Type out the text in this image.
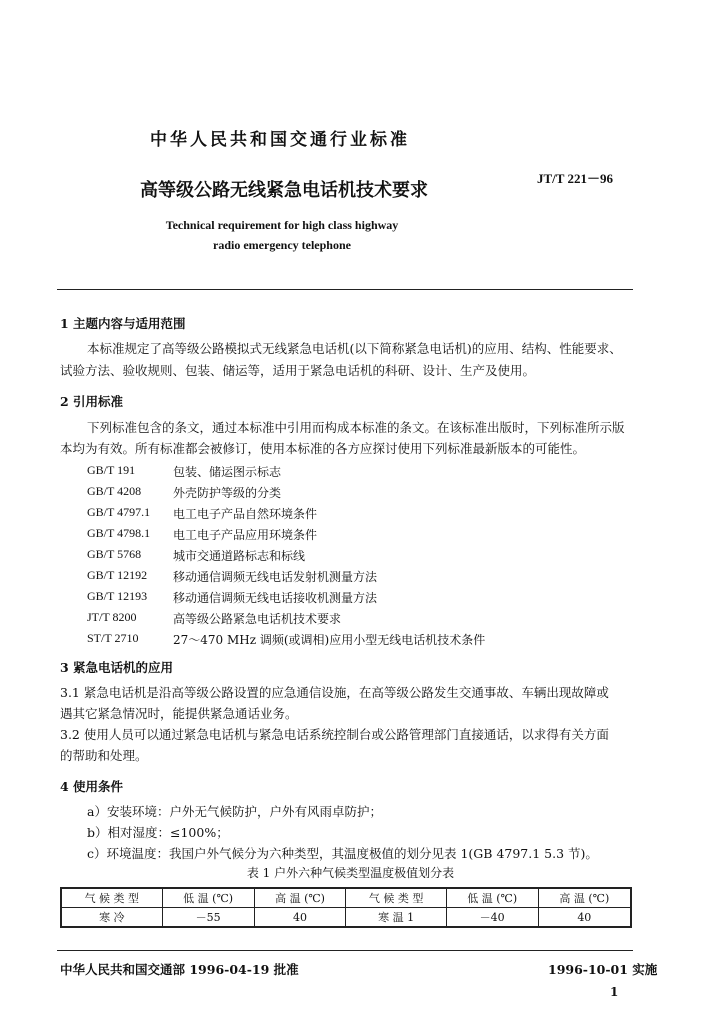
中华人民共和国交通行业标准
JT/T 221－96
高等级公路无线紧急电话机技术要求
Technical requirement for high class highway
radio emergency telephone
1 主题内容与适用范围
本标准规定了高等级公路模拟式无线紧急电话机(以下简称紧急电话机)的应用、结构、性能要求、
试验方法、验收规则、包装、储运等，适用于紧急电话机的科研、设计、生产及使用。
2 引用标准
下列标准包含的条文，通过本标准中引用而构成本标准的条文。在该标准出版时，下列标准所示版
本均为有效。所有标准都会被修订，使用本标准的各方应探讨使用下列标准最新版本的可能性。
GB/T 191	包装、储运图示标志
GB/T 4208	外壳防护等级的分类
GB/T 4797.1 电工电子产品自然环境条件
GB/T 4798.1 电工电子产品应用环境条件
GB/T 5768	城市交通道路标志和标线
GB/T 12192 移动通信调频无线电话发射机测量方法
GB/T 12193 移动通信调频无线电话接收机测量方法
JT/T 8200	高等级公路紧急电话机技术要求
ST/T 2710	27～470 MHz 调频(或调相)应用小型无线电话机技术条件
3 紧急电话机的应用
3.1 紧急电话机是沿高等级公路设置的应急通信设施，在高等级公路发生交通事故、车辆出现故障或
遇其它紧急情况时，能提供紧急通话业务。
3.2 使用人员可以通过紧急电话机与紧急电话系统控制台或公路管理部门直接通话，以求得有关方面
的帮助和处理。
4 使用条件
a）安装环境：户外无气候防护，户外有风雨卓防护；
b）相对湿度：≤100%；
c）环境温度：我国户外气候分为六种类型，其温度极值的划分见表 1(GB 4797.1 5.3 节)。
表 1 户外六种气候类型温度极值划分表
气 候 类 型	低 温 (℃)	高 温 (℃)	气 候 类 型	低 温 (℃)	高 温 (℃)
寒 冷	－55	40	寒 温 1	－40	40
中华人民共和国交通部 1996-04-19 批准	1996-10-01 实施
1
